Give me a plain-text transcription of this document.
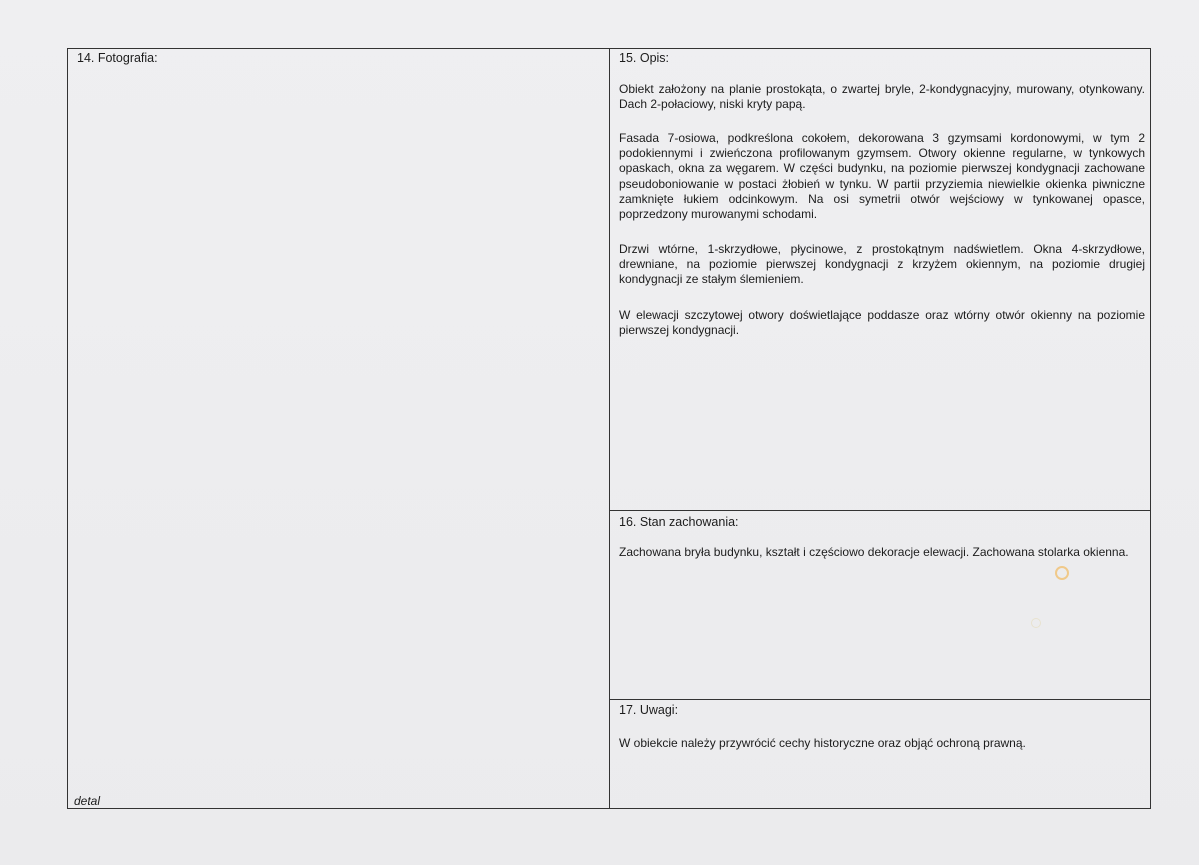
14. Fotografia:
detal
15. Opis:

Obiekt założony na planie prostokąta, o zwartej bryle, 2-kondygnacyjny, murowany, otynkowany. Dach 2-połaciowy, niski kryty papą.

Fasada 7-osiowa, podkreślona cokołem, dekorowana 3 gzymsami kordonowymi, w tym 2 podokiennymi i zwieńczona profilowanym gzymsem. Otwory okienne regularne, w tynkowych opaskach, okna za węgarem. W części budynku, na poziomie pierwszej kondygnacji zachowane pseudoboniowanie w postaci żłobień w tynku. W partii przyziemia niewielkie okienka piwniczne zamknięte łukiem odcinkowym. Na osi symetrii otwór wejściowy w tynkowanej opasce, poprzedzony murowanymi schodami.

Drzwi wtórne, 1-skrzydłowe, płycinowe, z prostokątnym nadświetlem. Okna 4-skrzydłowe, drewniane, na poziomie pierwszej kondygnacji z krzyżem okiennym, na poziomie drugiej kondygnacji ze stałym ślemieniem.

W elewacji szczytowej otwory doświetlające poddasze oraz wtórny otwór okienny na poziomie pierwszej kondygnacji.

16. Stan zachowania:

Zachowana bryła budynku, kształt i częściowo dekoracje elewacji. Zachowana stolarka okienna.

17. Uwagi:

W obiekcie należy przywrócić cechy historyczne oraz objąć ochroną prawną.
